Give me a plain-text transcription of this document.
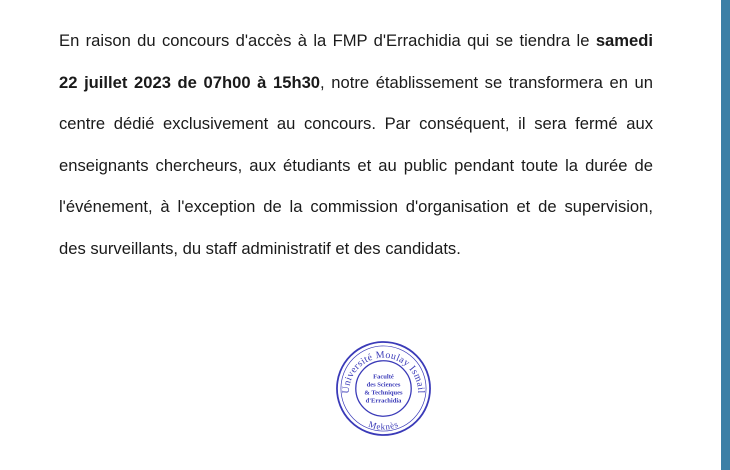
En raison du concours d'accès à la FMP d'Errachidia qui se tiendra le samedi 22 juillet 2023 de 07h00 à 15h30, notre établissement se transformera en un centre dédié exclusivement au concours. Par conséquent, il sera fermé aux enseignants chercheurs, aux étudiants et au public pendant toute la durée de l'événement, à l'exception de la commission d'organisation et de supervision, des surveillants, du staff administratif et des candidats.

Université Moulay Ismail
Meknès
Faculté
des Sciences
& Techniques
d'Errachidia
